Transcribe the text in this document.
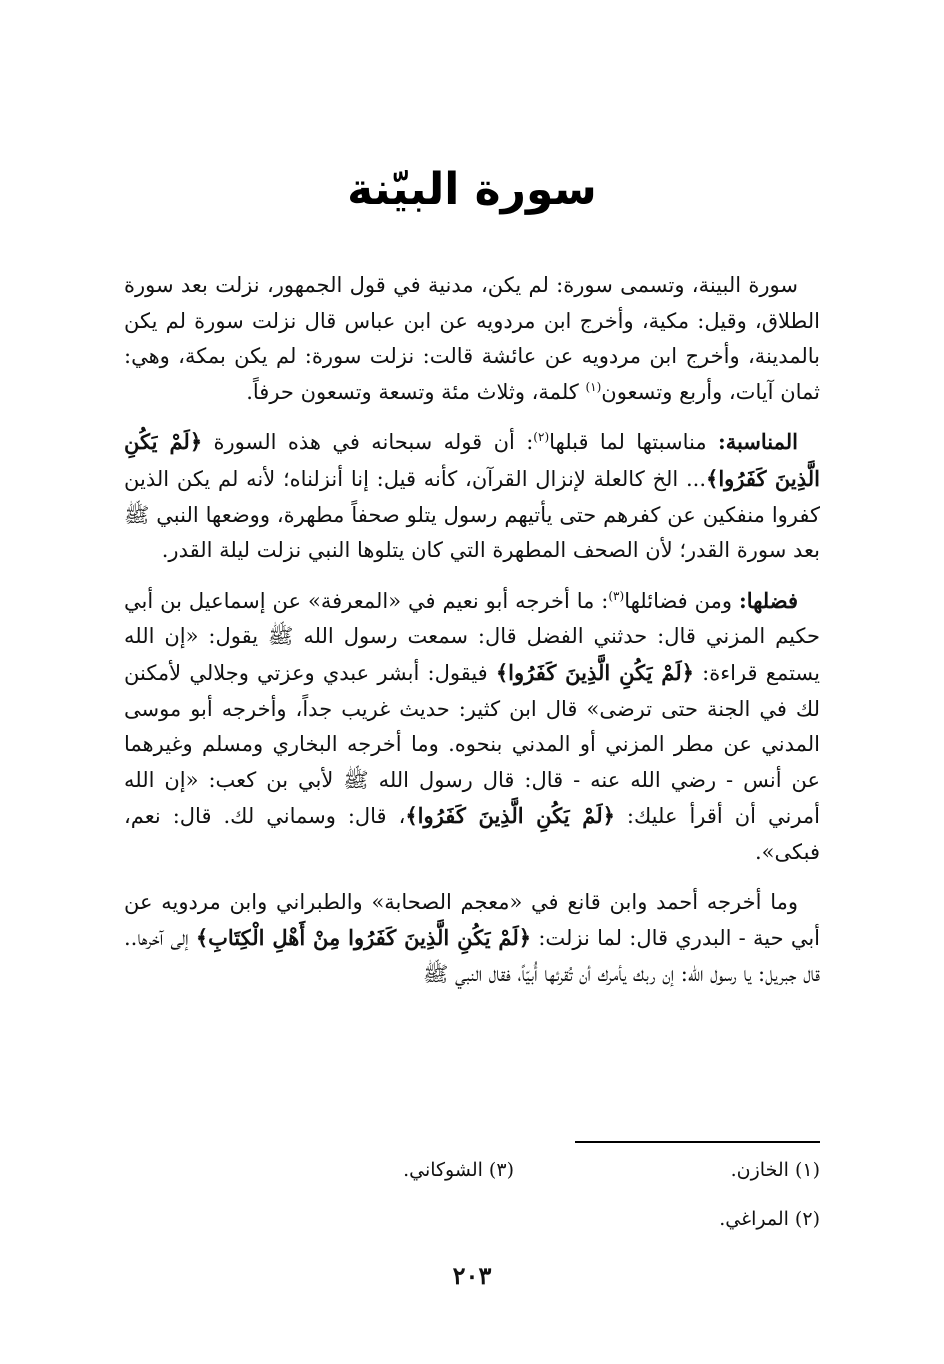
سورة البيّنة

سورة البينة، وتسمى سورة: لم يكن، مدنية في قول الجمهور، نزلت بعد سورة الطلاق، وقيل: مكية، وأخرج ابن مردويه عن ابن عباس قال نزلت سورة لم يكن بالمدينة، وأخرج ابن مردويه عن عائشة قالت: نزلت سورة: لم يكن بمكة، وهي: ثمان آيات، وأربع وتسعون$^{(١)}$ كلمة، وثلاث مئة وتسعة وتسعون حرفاً.

المناسبة: مناسبتها لما قبلها$^{(٢)}$: أن قوله سبحانه في هذه السورة ﴿لَمْ يَكُنِ الَّذِينَ كَفَرُوا﴾... الخ كالعلة لإنزال القرآن، كأنه قيل: إنا أنزلناه؛ لأنه لم يكن الذين كفروا منفكين عن كفرهم حتى يأتيهم رسول يتلو صحفاً مطهرة، ووضعها النبي ﷺ بعد سورة القدر؛ لأن الصحف المطهرة التي كان يتلوها النبي نزلت ليلة القدر.

فضلها: ومن فضائلها$^{(٣)}$: ما أخرجه أبو نعيم في «المعرفة» عن إسماعيل بن أبي حكيم المزني قال: حدثني الفضل قال: سمعت رسول الله ﷺ يقول: «إن الله يستمع قراءة: ﴿لَمْ يَكُنِ الَّذِينَ كَفَرُوا﴾ فيقول: أبشر عبدي وعزتي وجلالي لأمكنن لك في الجنة حتى ترضى» قال ابن كثير: حديث غريب جداً، وأخرجه أبو موسى المدني عن مطر المزني أو المدني بنحوه. وما أخرجه البخاري ومسلم وغيرهما عن أنس - رضي الله عنه - قال: قال رسول الله ﷺ لأبي بن كعب: «إن الله أمرني أن أقرأ عليك: ﴿لَمْ يَكُنِ الَّذِينَ كَفَرُوا﴾، قال: وسماني لك. قال: نعم، فبكى».

وما أخرجه أحمد وابن قانع في «معجم الصحابة» والطبراني وابن مردويه عن أبي حية - البدري قال: لما نزلت: ﴿لَمْ يَكُنِ الَّذِينَ كَفَرُوا مِنْ أَهْلِ الْكِتَابِ﴾ إلى آخرها.. قال جبريل: يا رسول الله: إن ربك يأمرك أن تُقرئها أُبيّاً، فقال النبي ﷺ

(١) الخازن.
(٣) الشوكاني.
(٢) المراغي.
٢٠٣
